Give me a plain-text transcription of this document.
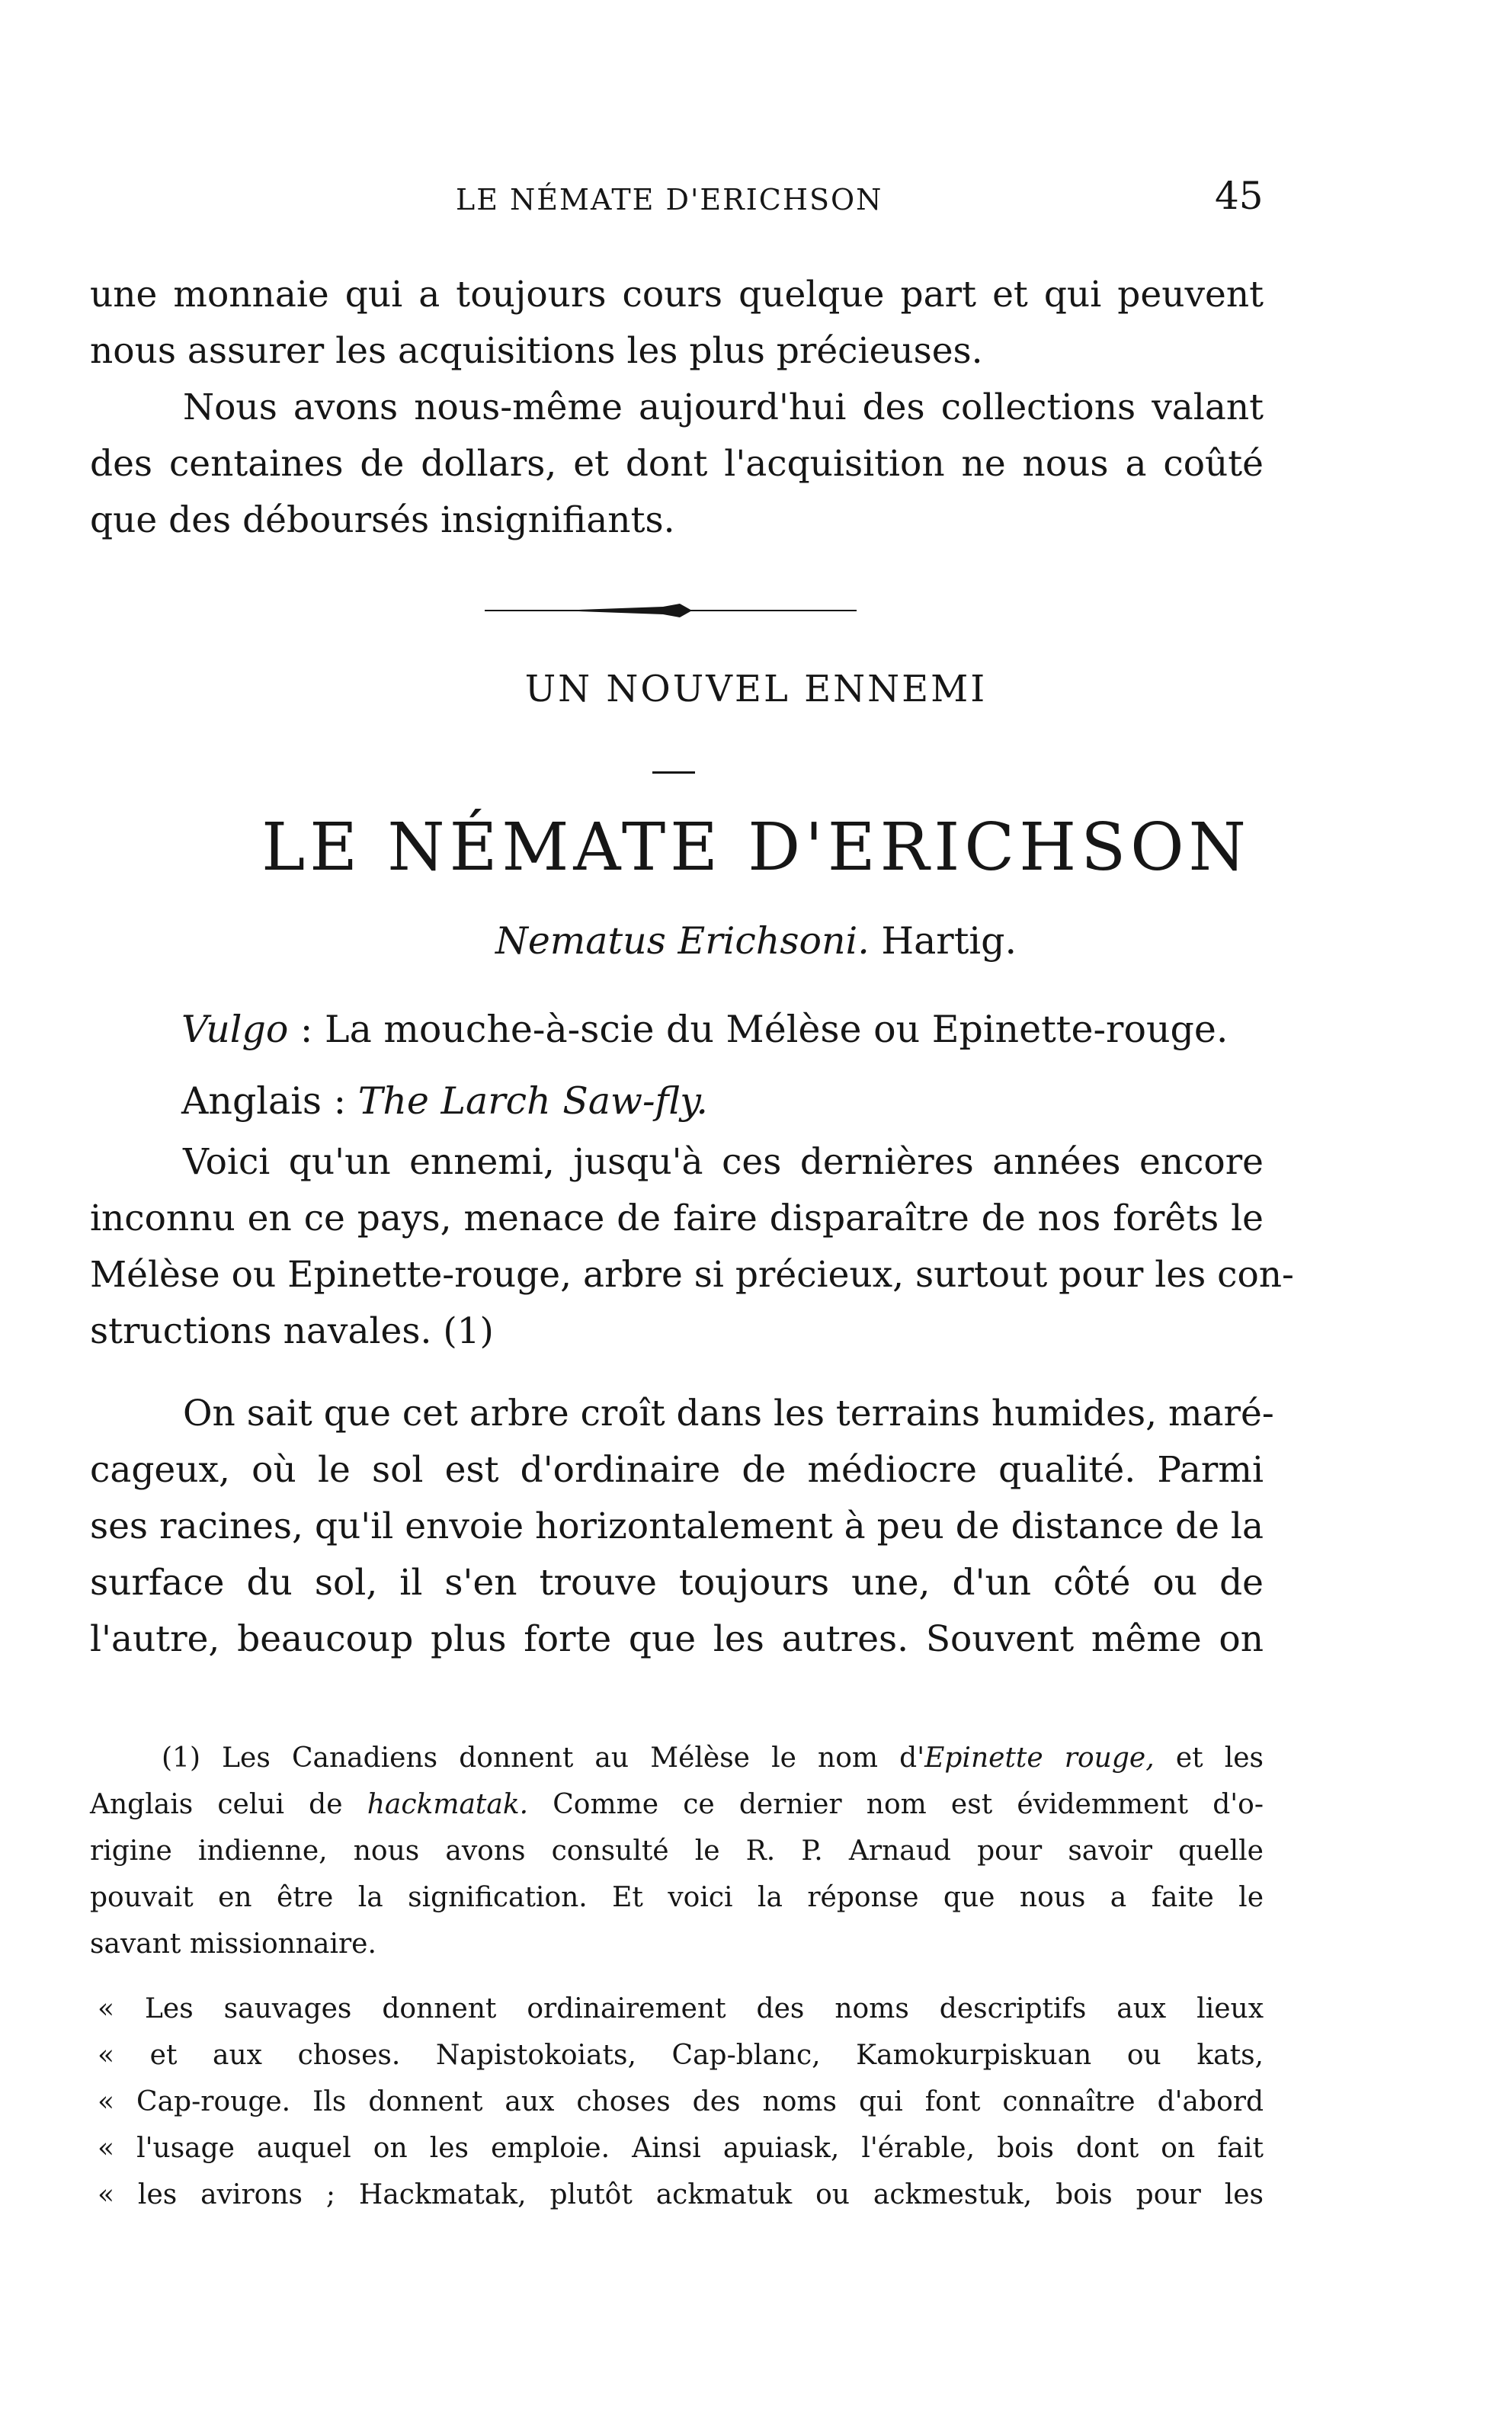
LE NÉMATE D'ERICHSON	45

une monnaie qui a toujours cours quelque part et qui peuvent

nous assurer les acquisitions les plus précieuses.

Nous avons nous-même aujourd'hui des collections valant

des centaines de dollars, et dont l'acquisition ne nous a coûté

que des déboursés insignifiants.

UN NOUVEL ENNEMI
LE NÉMATE D'ERICHSON
Nematus Erichsoni. Hartig.
Vulgo : La mouche-à-scie du Mélèse ou Epinette-rouge.
Anglais : The Larch Saw-fly.

Voici qu'un ennemi, jusqu'à ces dernières années encore

inconnu en ce pays, menace de faire disparaître de nos forêts le

Mélèse ou Epinette-rouge, arbre si précieux, surtout pour les con-

structions navales. (1)

On sait que cet arbre croît dans les terrains humides, maré-

cageux, où le sol est d'ordinaire de médiocre qualité. Parmi

ses racines, qu'il envoie horizontalement à peu de distance de la

surface du sol, il s'en trouve toujours une, d'un côté ou de

l'autre, beaucoup plus forte que les autres. Souvent même on

(1) Les Canadiens donnent au Mélèse le nom d'Epinette rouge, et les

Anglais celui de hackmatak. Comme ce dernier nom est évidemment d'o-

rigine indienne, nous avons consulté le R. P. Arnaud pour savoir quelle

pouvait en être la signification. Et voici la réponse que nous a faite le

savant missionnaire.

« Les sauvages donnent ordinairement des noms descriptifs aux lieux

« et aux choses. Napistokoiats, Cap-blanc, Kamokurpiskuan ou kats,

« Cap-rouge. Ils donnent aux choses des noms qui font connaître d'abord

« l'usage auquel on les emploie. Ainsi apuiask, l'érable, bois dont on fait

« les avirons ; Hackmatak, plutôt ackmatuk ou ackmestuk, bois pour les
